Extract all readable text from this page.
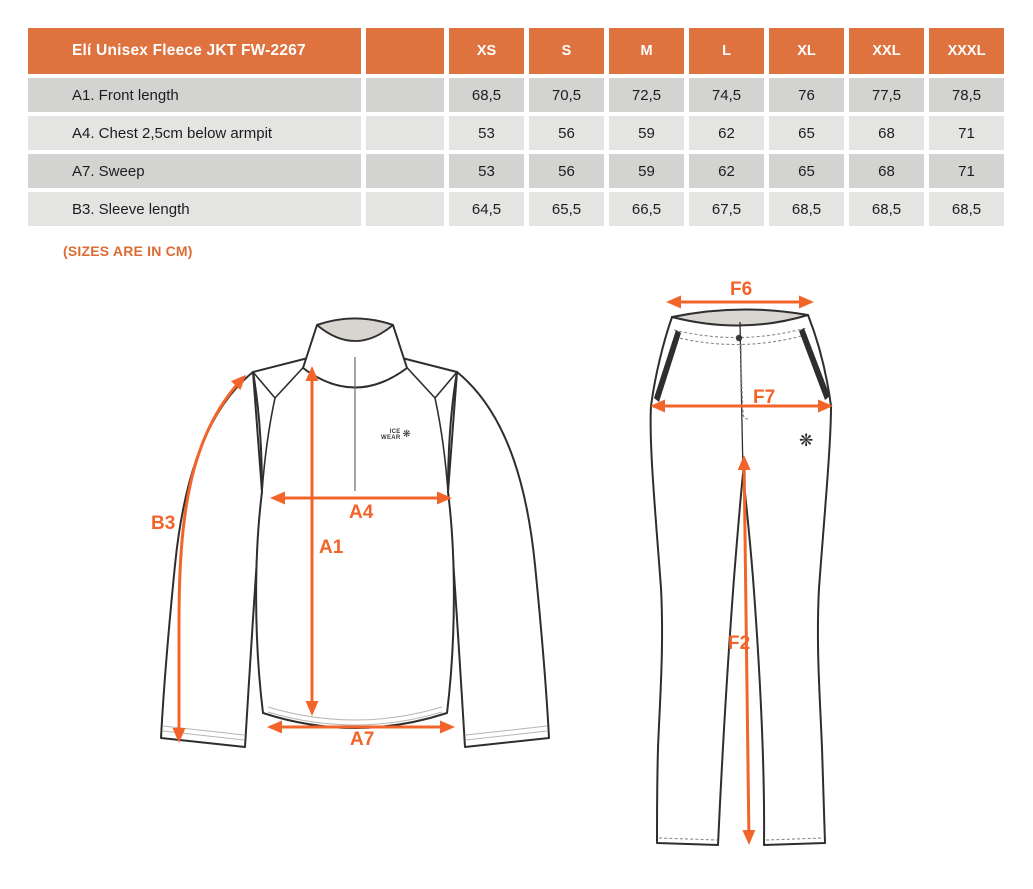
Elí Unisex Fleece JKT FW-2267	XS	S	M	L	XL	XXL	XXXL
A1. Front length	68,5	70,5	72,5	74,5	76	77,5	78,5
A4. Chest 2,5cm below armpit	53	56	59	62	65	68	71
A7. Sweep	53	56	59	62	65	68	71
B3. Sleeve length	64,5	65,5	66,5	67,5	68,5	68,5	68,5
(SIZES ARE IN CM)
ICE
WEAR ❋	❋
B3
A4
A1
A7
F6
F7
F2
